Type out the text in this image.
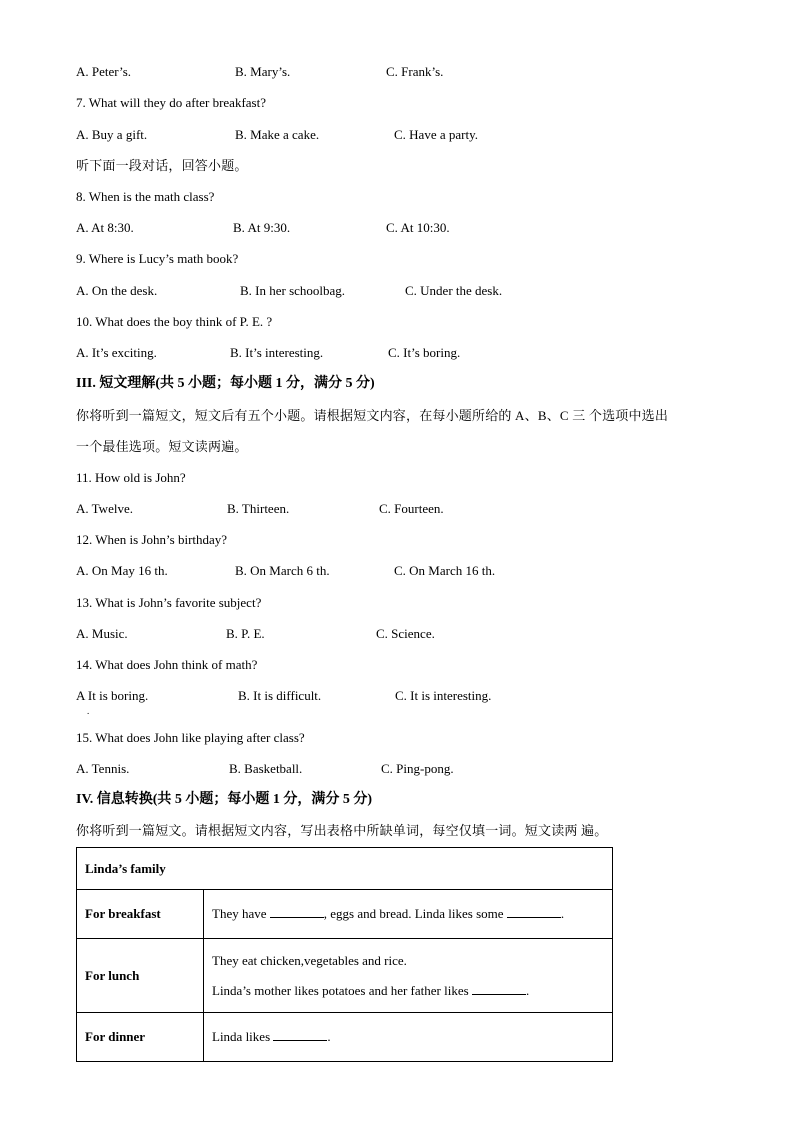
A. Peter’s.	B. Mary’s.	C. Frank’s.
7. What will they do after breakfast?
A. Buy a gift.	B. Make a cake.	C. Have a party.
听下面一段对话，回答小题。
8. When is the math class?
A. At 8:30.	B. At 9:30.	C. At 10:30.
9. Where is Lucy’s math book?
A. On the desk.	B. In her schoolbag.	C. Under the desk.
10. What does the boy think of P. E. ?
A. It’s exciting.	B. It’s interesting.	C. It’s boring.
III. 短文理解(共 5 小题；每小题 1 分，满分 5 分)
你将听到一篇短文，短文后有五个小题。请根据短文内容，在每小题所给的 A、B、C 三 个选项中选出
一个最佳选项。短文读两遍。
11. How old is John?
A. Twelve.	B. Thirteen.	C. Fourteen.
12. When is John’s birthday?
A. On May 16 th.	B. On March 6 th.	C. On March 16 th.
13. What is John’s favorite subject?
A. Music.	B. P. E.	C. Science.
14. What does John think of math?
A It is boring.	B. It is difficult.	C. It is interesting.
.
15. What does John like playing after class?
A. Tennis.	B. Basketball.	C. Ping-pong.
IV. 信息转换(共 5 小题；每小题 1 分，满分 5 分)
你将听到一篇短文。请根据短文内容，写出表格中所缺单词，每空仅填一词。短文读两 遍。
Linda’s family	
For breakfast	They have , eggs and bread. Linda likes some .
For lunch	They eat chicken,vegetables and rice.
Linda’s mother likes potatoes and her father likes .

For dinner	Linda likes .
